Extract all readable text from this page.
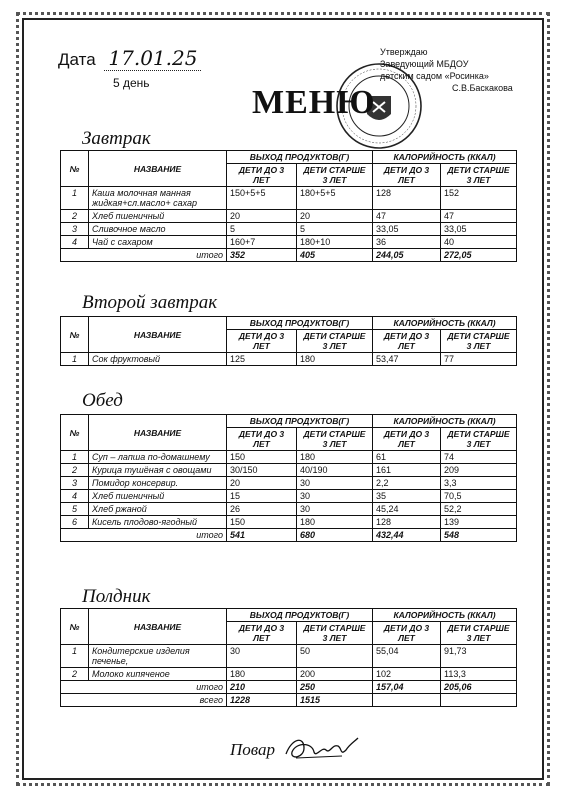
Дата 17.01.25
5 день
Утверждаю
Заведующий МБДОУ
детским садом «Росинка»
С.В.Баскакова
МЕНЮ
Завтрак
№	НАЗВАНИЕ	ВЫХОД ПРОДУКТОВ(Г)		КАЛОРИЙНОСТЬ (ККАЛ)	
		ДЕТИ ДО 3 ЛЕТ	ДЕТИ СТАРШЕ 3 ЛЕТ	ДЕТИ ДО 3 ЛЕТ	ДЕТИ СТАРШЕ 3 ЛЕТ
1	Каша молочная манная жидкая+сл.масло+ сахар	150+5+5	180+5+5	128	152
2	Хлеб пшеничный	20	20	47	47
3	Сливочное масло	5	5	33,05	33,05
4	Чай с сахаром	160+7	180+10	36	40
итого		352	405	244,05	272,05
Второй завтрак
№	НАЗВАНИЕ	ВЫХОД ПРОДУКТОВ(Г)		КАЛОРИЙНОСТЬ (ККАЛ)	
		ДЕТИ ДО 3 ЛЕТ	ДЕТИ СТАРШЕ 3 ЛЕТ	ДЕТИ ДО 3 ЛЕТ	ДЕТИ СТАРШЕ 3 ЛЕТ
1	Сок фруктовый	125	180	53,47	77
Обед
№	НАЗВАНИЕ	ВЫХОД ПРОДУКТОВ(Г)		КАЛОРИЙНОСТЬ (ККАЛ)	
		ДЕТИ ДО 3 ЛЕТ	ДЕТИ СТАРШЕ 3 ЛЕТ	ДЕТИ ДО 3 ЛЕТ	ДЕТИ СТАРШЕ 3 ЛЕТ
1	Суп – лапша по-домашнему	150	180	61	74
2	Курица тушёная с овощами	30/150	40/190	161	209
3	Помидор консервир.	20	30	2,2	3,3
4	Хлеб пшеничный	15	30	35	70,5
5	Хлеб ржаной	26	30	45,24	52,2
6	Кисель плодово-ягодный	150	180	128	139
итого		541	680	432,44	548
Полдник
№	НАЗВАНИЕ	ВЫХОД ПРОДУКТОВ(Г)		КАЛОРИЙНОСТЬ (ККАЛ)	
		ДЕТИ ДО 3 ЛЕТ	ДЕТИ СТАРШЕ 3 ЛЕТ	ДЕТИ ДО 3 ЛЕТ	ДЕТИ СТАРШЕ 3 ЛЕТ
1	Кондитерские изделия печенье,	30	50	55,04	91,73
2	Молоко кипяченое	180	200	102	113,3
итого		210	250	157,04	205,06
всего		1228	1515		
Повар
